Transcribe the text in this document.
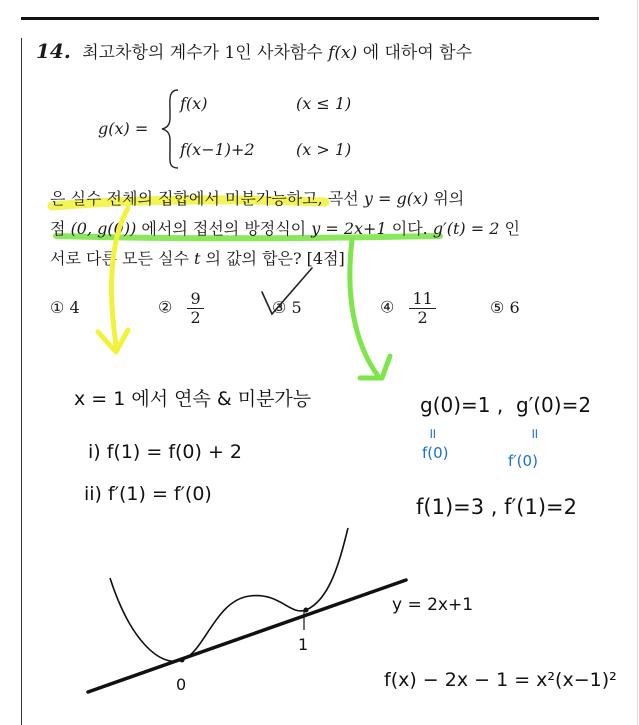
14. 최고차항의 계수가 1인 사차함수 f(x) 에 대하여 함수
g(x) =
f(x)	(x ≤ 1)
f(x−1)+2	(x > 1)
은 실수 전체의 집합에서 미분가능하고, 곡선 y = g(x) 위의
점 (0, g(0)) 에서의 접선의 방정식이 y = 2x+1 이다. g′(t) = 2 인
서로 다른 모든 실수 t 의 값의 합은? [4점]
① 4	② $\frac{9}{2}$	③ 5	④ $\frac{11}{2}$	⑤ 6
x = 1 에서 연속 & 미분가능
i) f(1) = f(0) + 2
ii) f′(1) = f′(0)
g(0)=1 , g′(0)=2
॥	॥
f(0)	f′(0)
f(1)=3 , f′(1)=2
1
0
y = 2x+1
f(x) − 2x − 1 = x²(x−1)²
